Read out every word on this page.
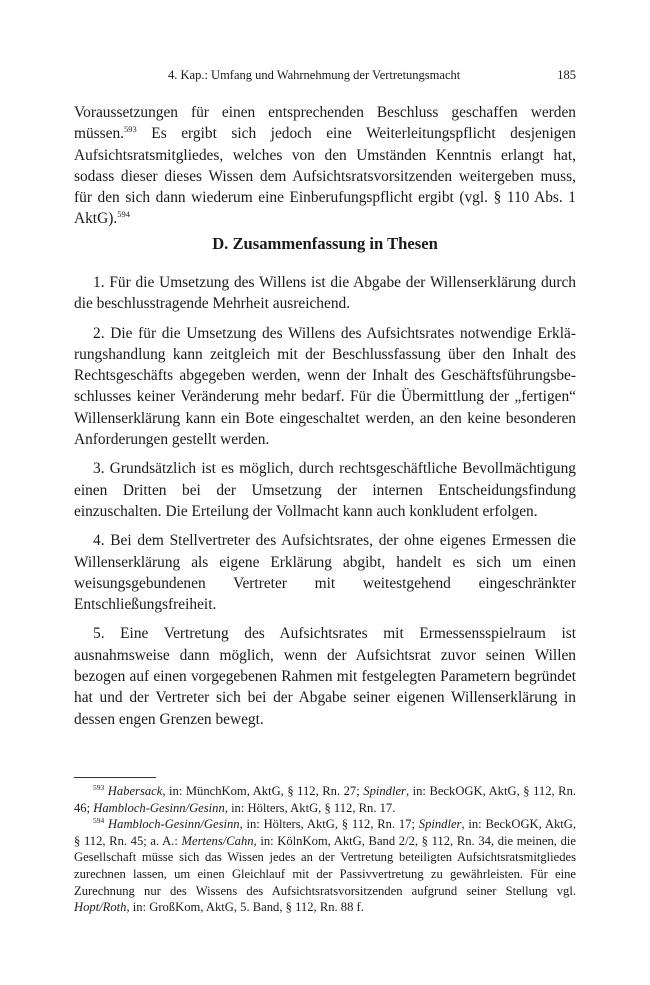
4. Kap.: Umfang und Wahrnehmung der Vertretungsmacht	185

Voraussetzungen für einen entsprechenden Beschluss geschaffen werden müssen.$^{593}$ Es ergibt sich jedoch eine Weiterleitungspflicht desjenigen Aufsichtsratsmitgliedes, welches von den Umständen Kenntnis erlangt hat, sodass dieser dieses Wissen dem Aufsichtsratsvorsitzenden weitergeben muss, für den sich dann wiederum eine Einberufungspflicht ergibt (vgl. § 110 Abs. 1 AktG).$^{594}$

D. Zusammenfassung in Thesen

1. Für die Umsetzung des Willens ist die Abgabe der Willenserklärung durch die beschlusstragende Mehrheit ausreichend.

2. Die für die Umsetzung des Willens des Aufsichtsrates notwendige Erklärungshandlung kann zeitgleich mit der Beschlussfassung über den Inhalt des Rechtsgeschäfts abgegeben werden, wenn der Inhalt des Geschäftsführungsbeschlusses keiner Veränderung mehr bedarf. Für die Übermittlung der „fertigen“ Willenserklärung kann ein Bote eingeschaltet werden, an den keine besonderen Anforderungen gestellt werden.

3. Grundsätzlich ist es möglich, durch rechtsgeschäftliche Bevollmächtigung einen Dritten bei der Umsetzung der internen Entscheidungsfindung einzuschalten. Die Erteilung der Vollmacht kann auch konkludent erfolgen.

4. Bei dem Stellvertreter des Aufsichtsrates, der ohne eigenes Ermessen die Willenserklärung als eigene Erklärung abgibt, handelt es sich um einen weisungsgebundenen Vertreter mit weitestgehend eingeschränkter Entschließungsfreiheit.

5. Eine Vertretung des Aufsichtsrates mit Ermessensspielraum ist ausnahmsweise dann möglich, wenn der Aufsichtsrat zuvor seinen Willen bezogen auf einen vorgegebenen Rahmen mit festgelegten Parametern begründet hat und der Vertreter sich bei der Abgabe seiner eigenen Willenserklärung in dessen engen Grenzen bewegt.

$^{593}$ Habersack, in: MünchKom, AktG, § 112, Rn. 27; Spindler, in: BeckOGK, AktG, § 112, Rn. 46; Hambloch-Gesinn/Gesinn, in: Hölters, AktG, § 112, Rn. 17.

$^{594}$ Hambloch-Gesinn/Gesinn, in: Hölters, AktG, § 112, Rn. 17; Spindler, in: BeckOGK, AktG, § 112, Rn. 45; a. A.: Mertens/Cahn, in: KölnKom, AktG, Band 2/2, § 112, Rn. 34, die meinen, die Gesellschaft müsse sich das Wissen jedes an der Vertretung beteiligten Aufsichtsratsmitgliedes zurechnen lassen, um einen Gleichlauf mit der Passivvertretung zu gewährleisten. Für eine Zurechnung nur des Wissens des Aufsichtsratsvorsitzenden aufgrund seiner Stellung vgl. Hopt/Roth, in: GroßKom, AktG, 5. Band, § 112, Rn. 88 f.
